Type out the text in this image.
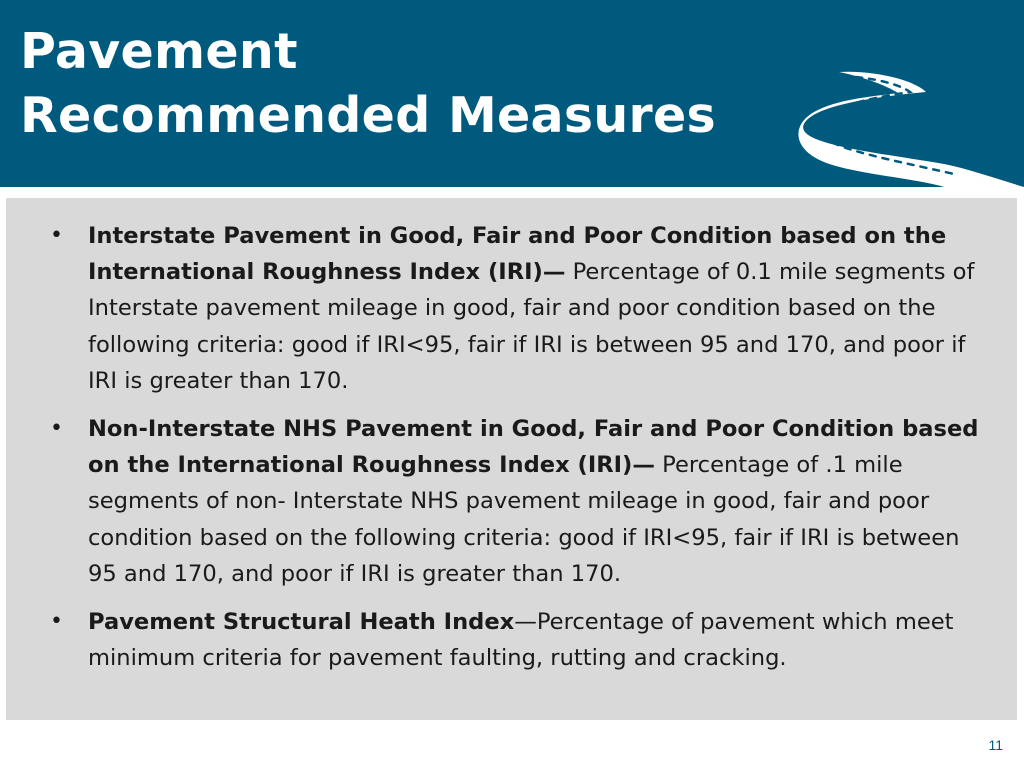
Pavement
Recommended Measures
• Interstate Pavement in Good, Fair and Poor Condition based on the International Roughness Index (IRI)— Percentage of 0.1 mile segments of Interstate pavement mileage in good, fair and poor condition based on the following criteria: good if IRI<95, fair if IRI is between 95 and 170, and poor if IRI is greater than 170.
• Non-Interstate NHS Pavement in Good, Fair and Poor Condition based on the International Roughness Index (IRI)— Percentage of .1 mile segments of non- Interstate NHS pavement mileage in good, fair and poor condition based on the following criteria: good if IRI<95, fair if IRI is between 95 and 170, and poor if IRI is greater than 170.
• Pavement Structural Heath Index—Percentage of pavement which meet minimum criteria for pavement faulting, rutting and cracking.
11
